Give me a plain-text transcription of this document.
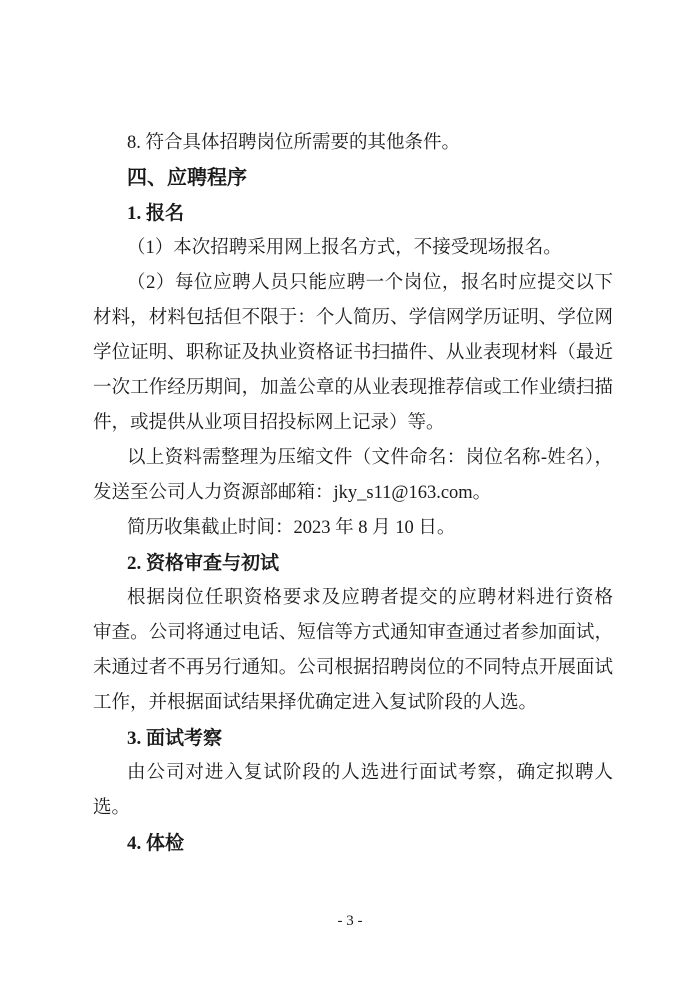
8. 符合具体招聘岗位所需要的其他条件。

四、应聘程序

1. 报名

（1）本次招聘采用网上报名方式，不接受现场报名。

（2）每位应聘人员只能应聘一个岗位，报名时应提交以下

材料，材料包括但不限于：个人简历、学信网学历证明、学位网

学位证明、职称证及执业资格证书扫描件、从业表现材料（最近

一次工作经历期间，加盖公章的从业表现推荐信或工作业绩扫描

件，或提供从业项目招投标网上记录）等。

以上资料需整理为压缩文件（文件命名：岗位名称-姓名），

发送至公司人力资源部邮箱：jky_s11@163.com。

简历收集截止时间：2023 年 8 月 10 日。

2. 资格审查与初试

根据岗位任职资格要求及应聘者提交的应聘材料进行资格

审查。公司将通过电话、短信等方式通知审查通过者参加面试，

未通过者不再另行通知。公司根据招聘岗位的不同特点开展面试

工作，并根据面试结果择优确定进入复试阶段的人选。

3. 面试考察

由公司对进入复试阶段的人选进行面试考察，确定拟聘人

选。

4. 体检

- 3 -
